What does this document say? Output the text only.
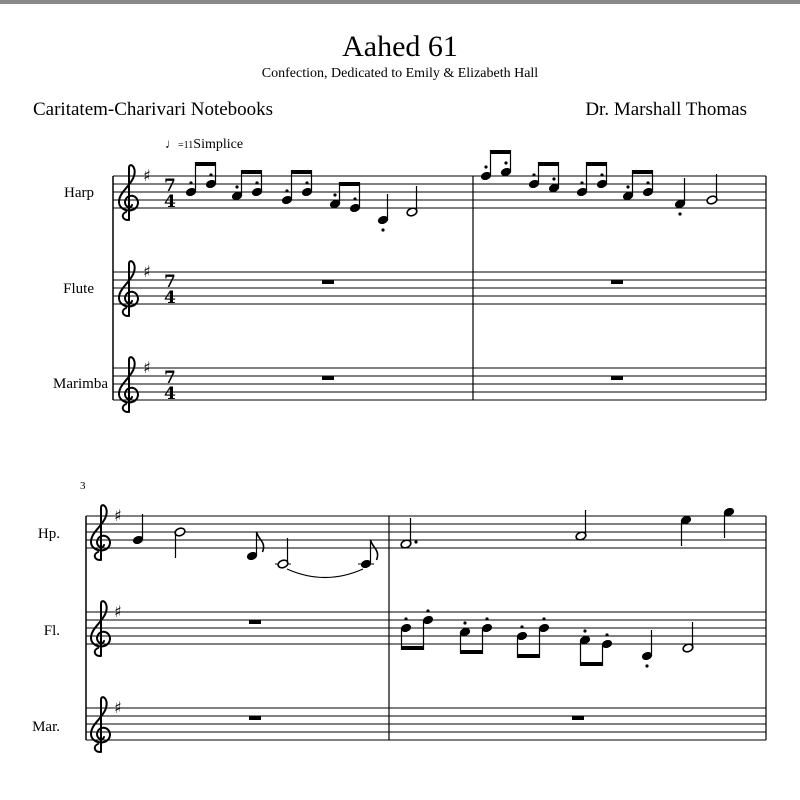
Aahed 61
Confection, Dedicated to Emily & Elizabeth Hall
Caritatem-Charivari Notebooks	Dr. Marshall Thomas
♩=11Simplice
3
Harp
Flute
Marimba
Hp.
Fl.
Mar.
♯
7
4
♯
7
4
♯
7
4
♯
♯
♯
